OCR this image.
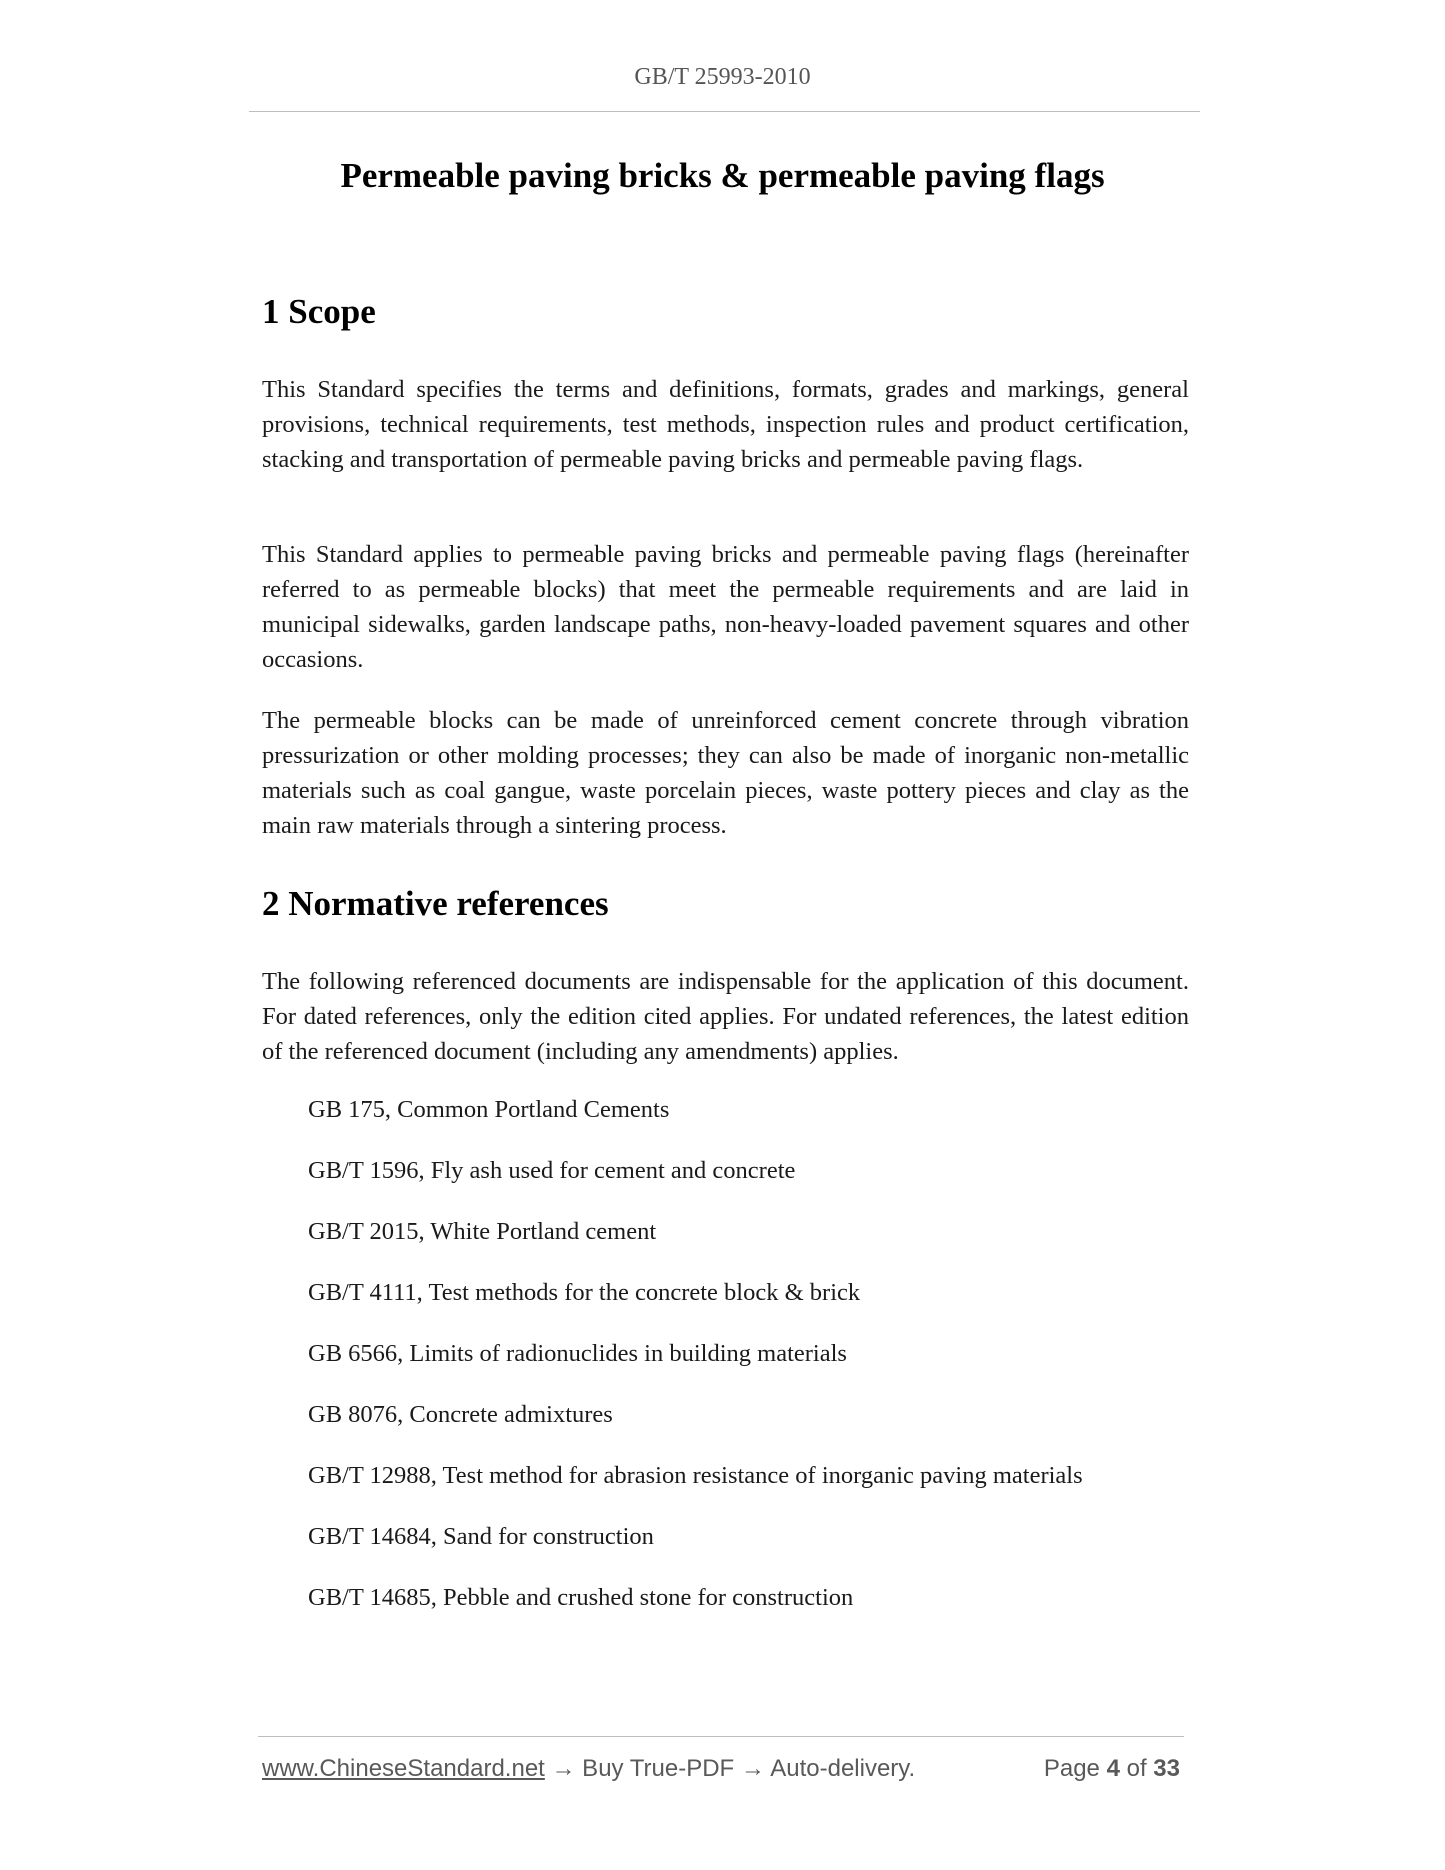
GB/T 25993-2010
Permeable paving bricks & permeable paving flags
1 Scope

This Standard specifies the terms and definitions, formats, grades and markings, general provisions, technical requirements, test methods, inspection rules and product certification, stacking and transportation of permeable paving bricks and permeable paving flags.

This Standard applies to permeable paving bricks and permeable paving flags (hereinafter referred to as permeable blocks) that meet the permeable requirements and are laid in municipal sidewalks, garden landscape paths, non-heavy-loaded pavement squares and other occasions.

The permeable blocks can be made of unreinforced cement concrete through vibration pressurization or other molding processes; they can also be made of inorganic non-metallic materials such as coal gangue, waste porcelain pieces, waste pottery pieces and clay as the main raw materials through a sintering process.

2 Normative references

The following referenced documents are indispensable for the application of this document. For dated references, only the edition cited applies. For undated references, the latest edition of the referenced document (including any amendments) applies.

GB 175, Common Portland Cements

GB/T 1596, Fly ash used for cement and concrete

GB/T 2015, White Portland cement

GB/T 4111, Test methods for the concrete block & brick

GB 6566, Limits of radionuclides in building materials

GB 8076, Concrete admixtures

GB/T 12988, Test method for abrasion resistance of inorganic paving materials

GB/T 14684, Sand for construction

GB/T 14685, Pebble and crushed stone for construction

www.ChineseStandard.net → Buy True-PDF → Auto-delivery.	Page 4 of 33
